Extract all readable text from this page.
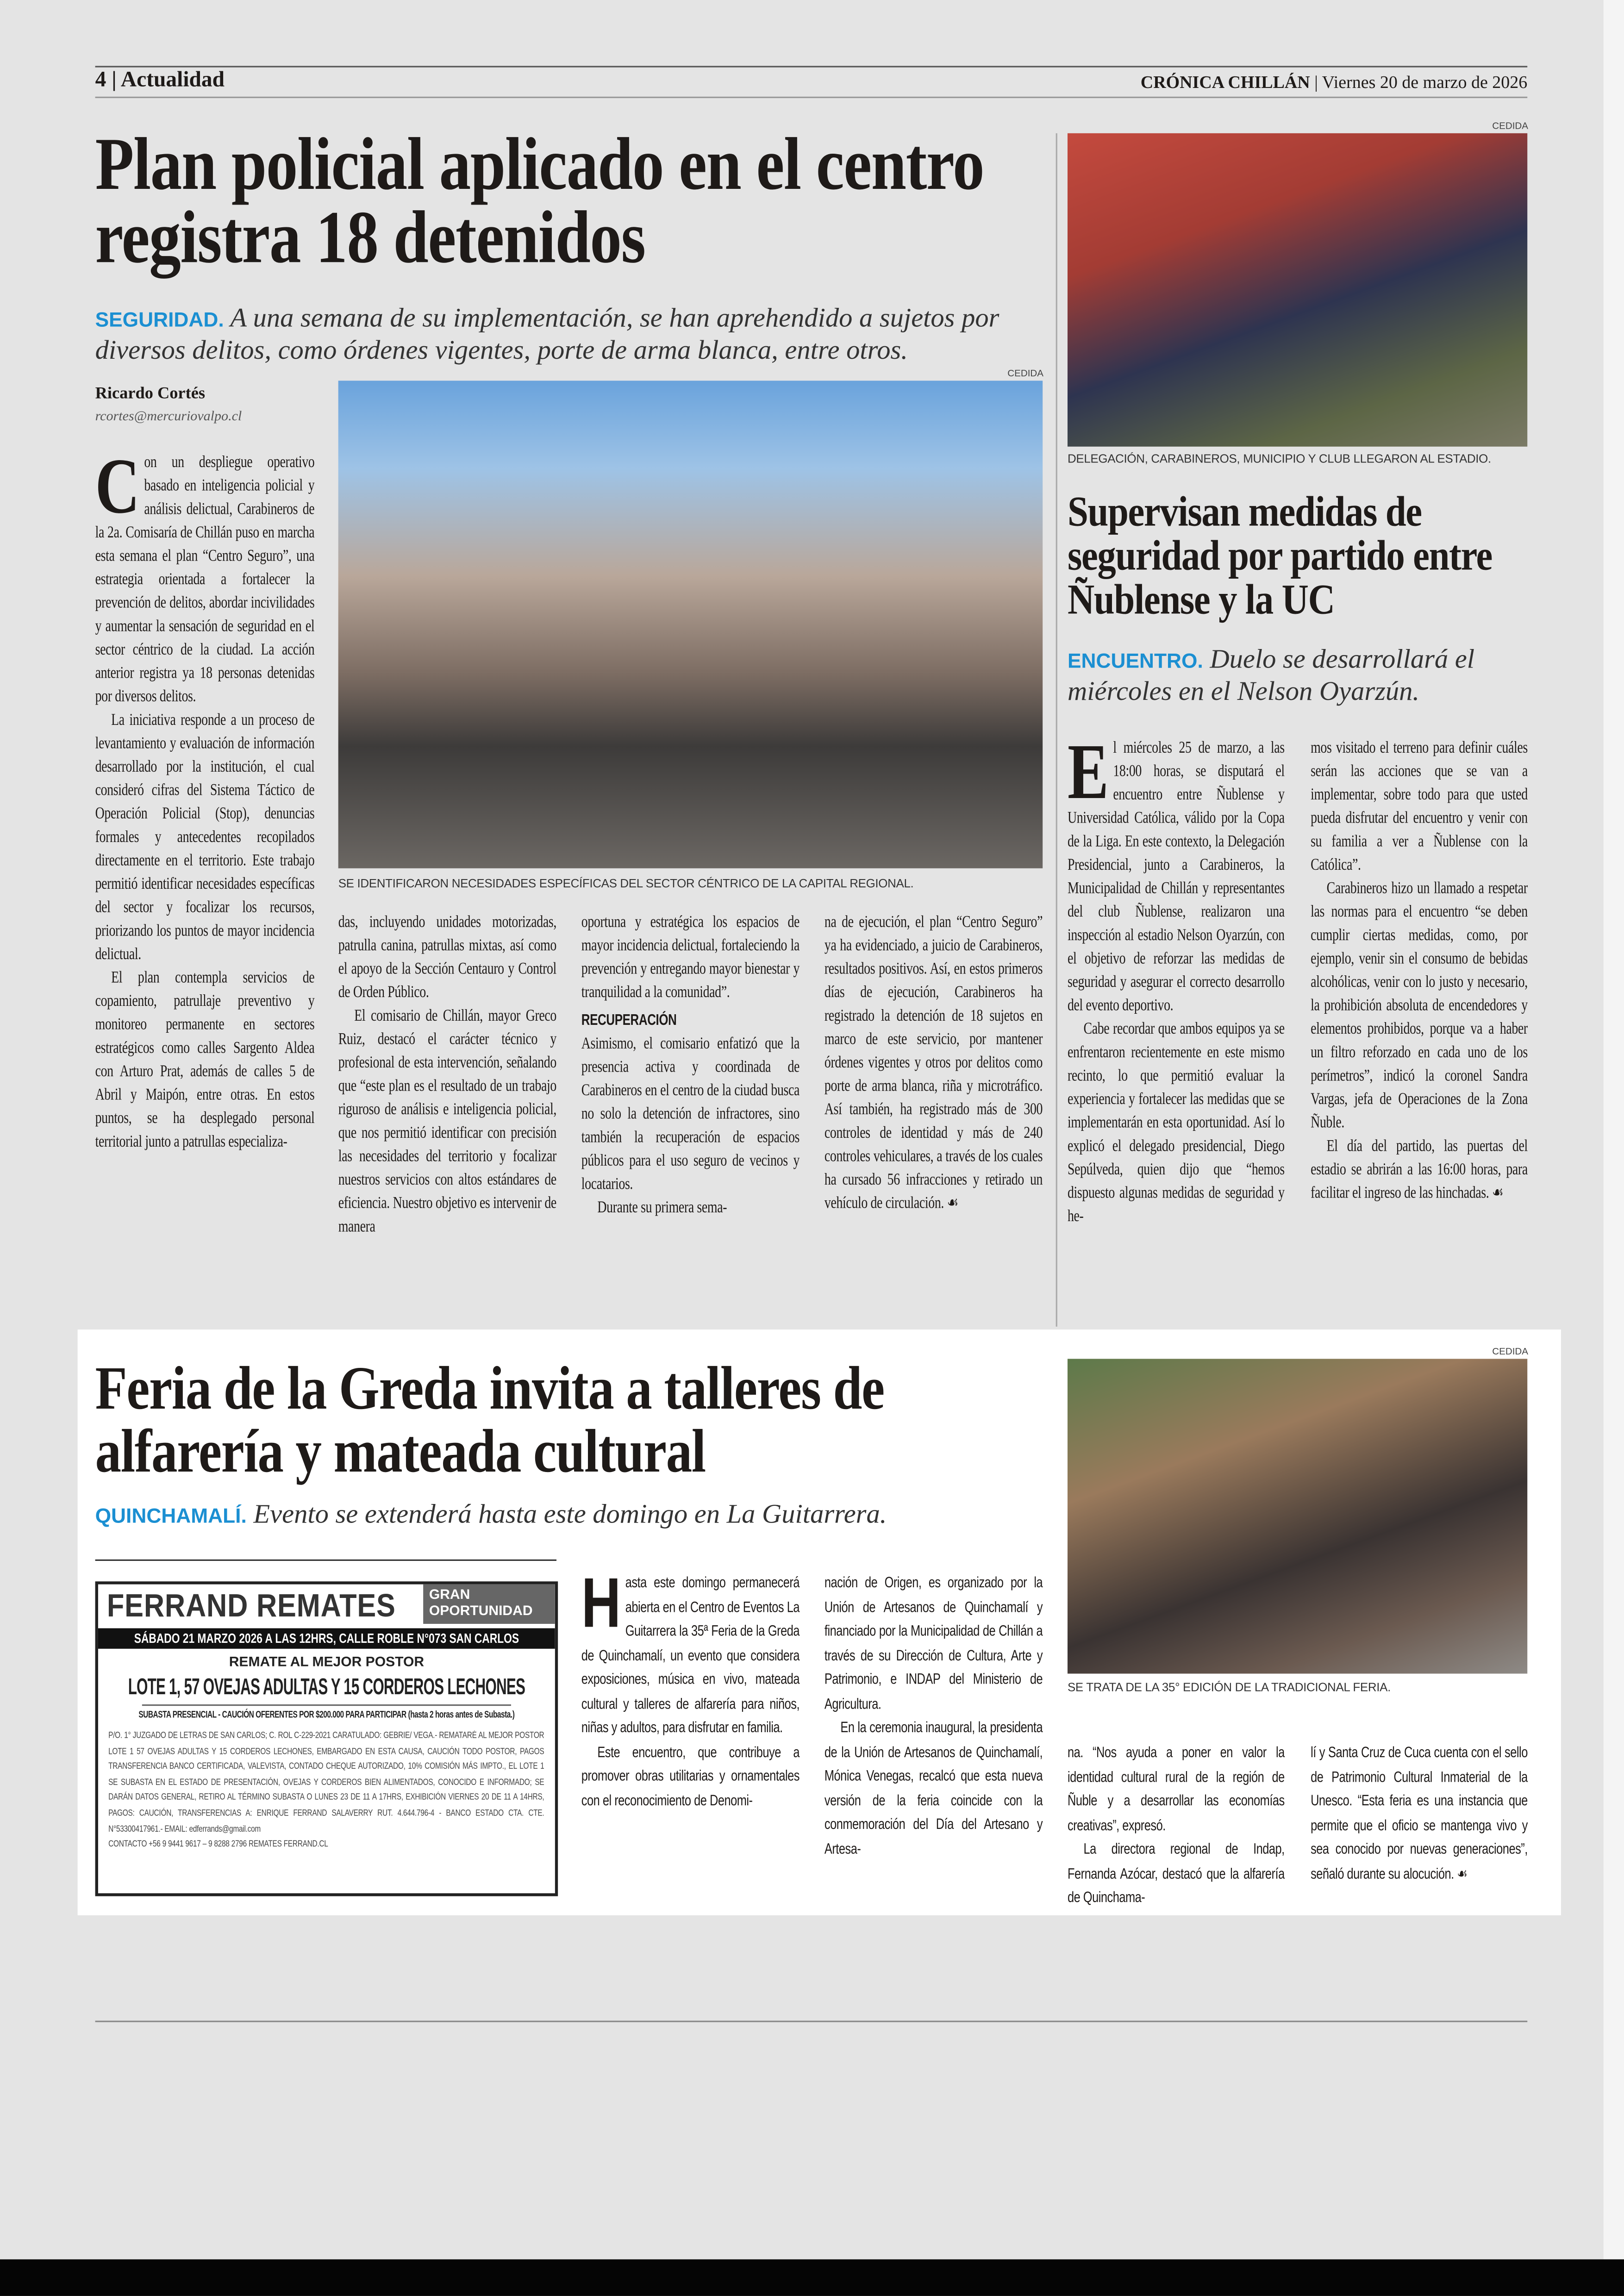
4 | Actualidad	CRÓNICA CHILLÁN | Viernes 20 de marzo de 2026
Plan policial aplicado en el centro registra 18 detenidos
SEGURIDAD. A una semana de su implementación, se han aprehendido a sujetos por diversos delitos, como órdenes vigentes, porte de arma blanca, entre otros.
Ricardo Cortés
rcortes@mercuriovalpo.cl
CEDIDA
SE IDENTIFICARON NECESIDADES ESPECÍFICAS DEL SECTOR CÉNTRICO DE LA CAPITAL REGIONAL.

Con un despliegue operativo basado en inteligencia policial y análisis delictual, Carabineros de la 2a. Comisaría de Chillán puso en marcha esta semana el plan “Centro Seguro”, una estrategia orientada a fortalecer la prevención de delitos, abordar incivilidades y aumentar la sensación de seguridad en el sector céntrico de la ciudad. La acción anterior registra ya 18 personas detenidas por diversos delitos.

La iniciativa responde a un proceso de levantamiento y evaluación de información desarrollado por la institución, el cual consideró cifras del Sistema Táctico de Operación Policial (Stop), denuncias formales y antecedentes recopilados directamente en el territorio. Este trabajo permitió identificar necesidades específicas del sector y focalizar los recursos, priorizando los puntos de mayor incidencia delictual.

El plan contempla servicios de copamiento, patrullaje preventivo y monitoreo permanente en sectores estratégicos como calles Sargento Aldea con Arturo Prat, además de calles 5 de Abril y Maipón, entre otras. En estos puntos, se ha desplegado personal territorial junto a patrullas especializa-

das, incluyendo unidades motorizadas, patrulla canina, patrullas mixtas, así como el apoyo de la Sección Centauro y Control de Orden Público.

El comisario de Chillán, mayor Greco Ruiz, destacó el carácter técnico y profesional de esta intervención, señalando que “este plan es el resultado de un trabajo riguroso de análisis e inteligencia policial, que nos permitió identificar con precisión las necesidades del territorio y focalizar nuestros servicios con altos estándares de eficiencia. Nuestro objetivo es intervenir de manera

oportuna y estratégica los espacios de mayor incidencia delictual, fortaleciendo la prevención y entregando mayor bienestar y tranquilidad a la comunidad”.

RECUPERACIÓN

Asimismo, el comisario enfatizó que la presencia activa y coordinada de Carabineros en el centro de la ciudad busca no solo la detención de infractores, sino también la recuperación de espacios públicos para el uso seguro de vecinos y locatarios.

Durante su primera sema-

na de ejecución, el plan “Centro Seguro” ya ha evidenciado, a juicio de Carabineros, resultados positivos. Así, en estos primeros días de ejecución, Carabineros ha registrado la detención de 18 sujetos en marco de este servicio, por mantener órdenes vigentes y otros por delitos como porte de arma blanca, riña y microtráfico. Así también, ha registrado más de 300 controles de identidad y más de 240 controles vehiculares, a través de los cuales ha cursado 56 infracciones y retirado un vehículo de circulación. ☙

CEDIDA
DELEGACIÓN, CARABINEROS, MUNICIPIO Y CLUB LLEGARON AL ESTADIO.
Supervisan medidas de seguridad por partido entre Ñublense y la UC
ENCUENTRO. Duelo se desarrollará el miércoles en el Nelson Oyarzún.

El miércoles 25 de marzo, a las 18:00 horas, se disputará el encuentro entre Ñublense y Universidad Católica, válido por la Copa de la Liga. En este contexto, la Delegación Presidencial, junto a Carabineros, la Municipalidad de Chillán y representantes del club Ñublense, realizaron una inspección al estadio Nelson Oyarzún, con el objetivo de reforzar las medidas de seguridad y asegurar el correcto desarrollo del evento deportivo.

Cabe recordar que ambos equipos ya se enfrentaron recientemente en este mismo recinto, lo que permitió evaluar la experiencia y fortalecer las medidas que se implementarán en esta oportunidad. Así lo explicó el delegado presidencial, Diego Sepúlveda, quien dijo que “hemos dispuesto algunas medidas de seguridad y he-

mos visitado el terreno para definir cuáles serán las acciones que se van a implementar, sobre todo para que usted pueda disfrutar del encuentro y venir con su familia a ver a Ñublense con la Católica”.

Carabineros hizo un llamado a respetar las normas para el encuentro “se deben cumplir ciertas medidas, como, por ejemplo, venir sin el consumo de bebidas alcohólicas, venir con lo justo y necesario, la prohibición absoluta de encendedores y elementos prohibidos, porque va a haber un filtro reforzado en cada uno de los perímetros”, indicó la coronel Sandra Vargas, jefa de Operaciones de la Zona Ñuble.

El día del partido, las puertas del estadio se abrirán a las 16:00 horas, para facilitar el ingreso de las hinchadas. ☙

Feria de la Greda invita a talleres de alfarería y mateada cultural
QUINCHAMALÍ. Evento se extenderá hasta este domingo en La Guitarrera.
FERRAND REMATES	GRAN OPORTUNIDAD
SÁBADO 21 MARZO 2026 A LAS 12HRS, CALLE ROBLE N°073 SAN CARLOS
REMATE AL MEJOR POSTOR
LOTE 1, 57 OVEJAS ADULTAS Y 15 CORDEROS LECHONES
SUBASTA PRESENCIAL - CAUCIÓN OFERENTES POR $200.000 PARA PARTICIPAR (hasta 2 horas antes de Subasta.)
P/O. 1° JUZGADO DE LETRAS DE SAN CARLOS; C. ROL C-229-2021 CARATULADO: GEBRIE/ VEGA.- REMATARÉ AL MEJOR POSTOR LOTE 1 57 OVEJAS ADULTAS Y 15 CORDEROS LECHONES, EMBARGADO EN ESTA CAUSA, CAUCIÓN TODO POSTOR, PAGOS TRANSFERENCIA BANCO CERTIFICADA, VALEVISTA, CONTADO CHEQUE AUTORIZADO, 10% COMISIÓN MÁS IMPTO., EL LOTE 1 SE SUBASTA EN EL ESTADO DE PRESENTACIÓN, OVEJAS Y CORDEROS BIEN ALIMENTADOS, CONOCIDO E INFORMADO; SE DARÁN DATOS GENERAL, RETIRO AL TÉRMINO SUBASTA O LUNES 23 DE 11 A 17HRS, EXHIBICIÓN VIERNES 20 DE 11 A 14HRS, PAGOS: CAUCIÓN, TRANSFERENCIAS A: ENRIQUE FERRAND SALAVERRY RUT. 4.644.796-4 - BANCO ESTADO CTA. CTE. N°53300417961.- EMAIL: edferrands@gmail.com
CONTACTO +56 9 9441 9617 – 9 8288 2796 REMATES FERRAND.CL

Hasta este domingo permanecerá abierta en el Centro de Eventos La Guitarrera la 35ª Feria de la Greda de Quinchamalí, un evento que considera exposiciones, música en vivo, mateada cultural y talleres de alfarería para niños, niñas y adultos, para disfrutar en familia.

Este encuentro, que contribuye a promover obras utilitarias y ornamentales con el reconocimiento de Denomi-

nación de Origen, es organizado por la Unión de Artesanos de Quinchamalí y financiado por la Municipalidad de Chillán a través de su Dirección de Cultura, Arte y Patrimonio, e INDAP del Ministerio de Agricultura.

En la ceremonia inaugural, la presidenta de la Unión de Artesanos de Quinchamalí, Mónica Venegas, recalcó que esta nueva versión de la feria coincide con la conmemoración del Día del Artesano y Artesa-

CEDIDA
SE TRATA DE LA 35° EDICIÓN DE LA TRADICIONAL FERIA.

na. “Nos ayuda a poner en valor la identidad cultural rural de la región de Ñuble y a desarrollar las economías creativas”, expresó.

La directora regional de Indap, Fernanda Azócar, destacó que la alfarería de Quinchama-

lí y Santa Cruz de Cuca cuenta con el sello de Patrimonio Cultural Inmaterial de la Unesco. “Esta feria es una instancia que permite que el oficio se mantenga vivo y sea conocido por nuevas generaciones”, señaló durante su alocución. ☙
